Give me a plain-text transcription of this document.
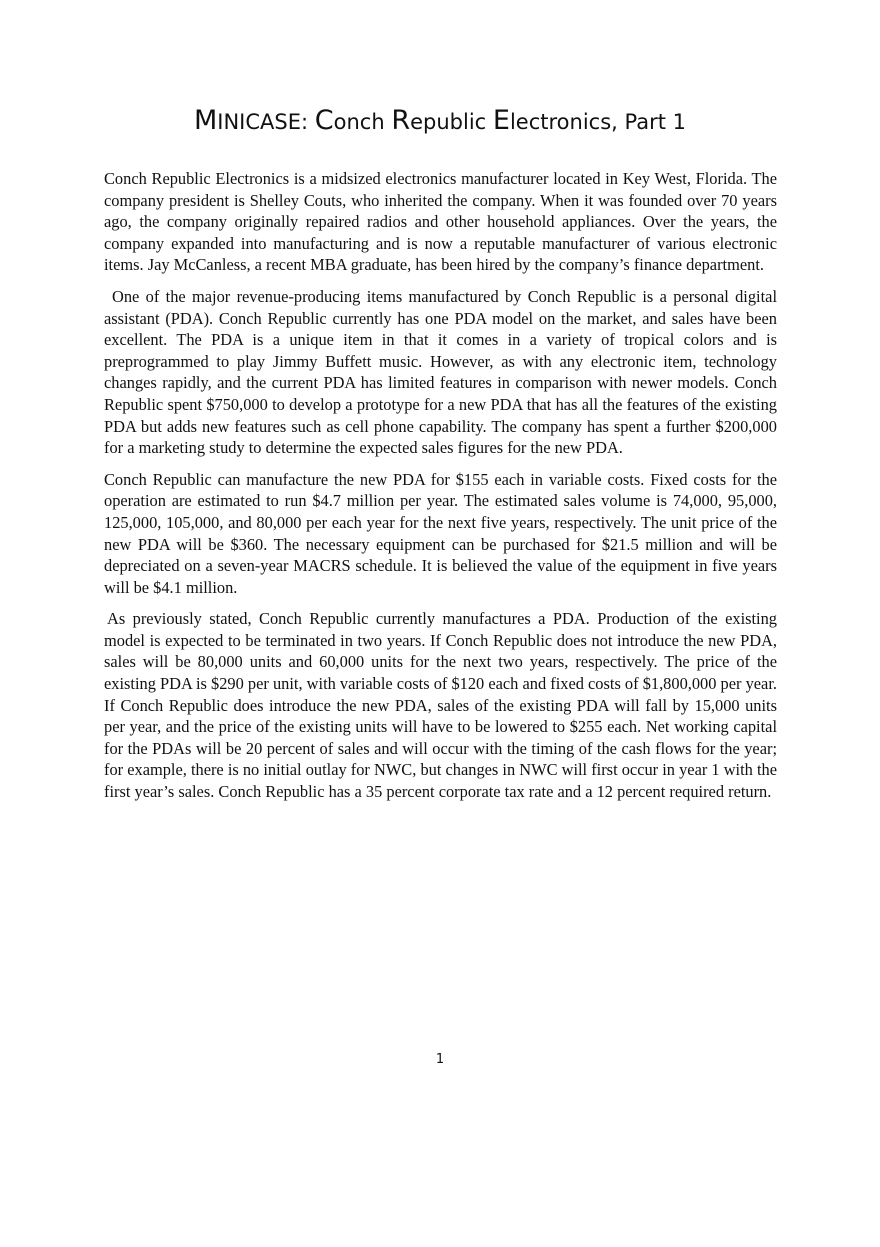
MINICASE: Conch Republic Electronics, Part 1

Conch Republic Electronics is a midsized electronics manufacturer located in Key West, Florida. The company president is Shelley Couts, who inherited the company. When it was founded over 70 years ago, the company originally repaired radios and other household appliances. Over the years, the company expanded into manufacturing and is now a reputable manufacturer of various electronic items. Jay McCanless, a recent MBA graduate, has been hired by the company’s finance department.

One of the major revenue-producing items manufactured by Conch Republic is a personal digital assistant (PDA). Conch Republic currently has one PDA model on the market, and sales have been excellent. The PDA is a unique item in that it comes in a variety of tropical colors and is preprogrammed to play Jimmy Buffett music. However, as with any electronic item, technology changes rapidly, and the current PDA has limited features in comparison with newer models. Conch Republic spent $750,000 to develop a prototype for a new PDA that has all the features of the existing PDA but adds new features such as cell phone capability. The company has spent a further $200,000 for a marketing study to determine the expected sales figures for the new PDA.

Conch Republic can manufacture the new PDA for $155 each in variable costs. Fixed costs for the operation are estimated to run $4.7 million per year. The estimated sales volume is 74,000, 95,000, 125,000, 105,000, and 80,000 per each year for the next five years, respectively. The unit price of the new PDA will be $360. The necessary equipment can be purchased for $21.5 million and will be depreciated on a seven-year MACRS schedule. It is believed the value of the equipment in five years will be $4.1 million.

As previously stated, Conch Republic currently manufactures a PDA. Production of the existing model is expected to be terminated in two years. If Conch Republic does not introduce the new PDA, sales will be 80,000 units and 60,000 units for the next two years, respectively. The price of the existing PDA is $290 per unit, with variable costs of $120 each and fixed costs of $1,800,000 per year. If Conch Republic does introduce the new PDA, sales of the existing PDA will fall by 15,000 units per year, and the price of the existing units will have to be lowered to $255 each. Net working capital for the PDAs will be 20 percent of sales and will occur with the timing of the cash flows for the year; for example, there is no initial outlay for NWC, but changes in NWC will first occur in year 1 with the first year’s sales. Conch Republic has a 35 percent corporate tax rate and a 12 percent required return.

1
